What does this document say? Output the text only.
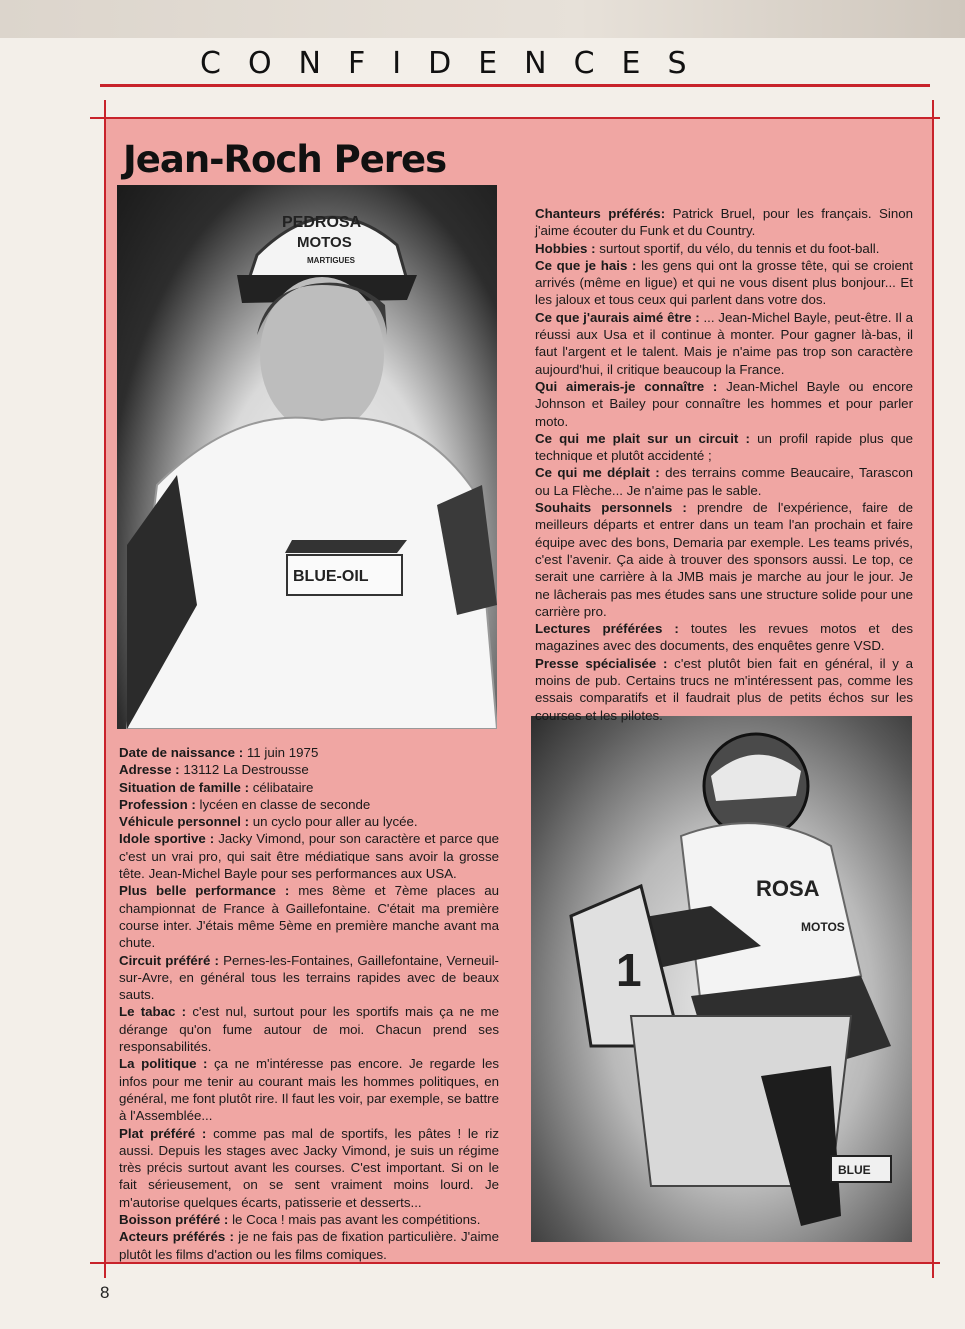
CONFIDENCES
Jean-Roch Peres
PEDROSA
MOTOS
MARTIGUES
BLUE-OIL
ROSA
MOTOS
1
BLUE

Chanteurs préférés: Patrick Bruel, pour les français. Sinon j'aime écouter du Funk et du Country.

Hobbies : surtout sportif, du vélo, du tennis et du foot-ball.

Ce que je hais : les gens qui ont la grosse tête, qui se croient arrivés (même en ligue) et qui ne vous disent plus bonjour... Et les jaloux et tous ceux qui parlent dans votre dos.

Ce que j'aurais aimé être : ... Jean-Michel Bayle, peut-être. Il a réussi aux Usa et il continue à monter. Pour gagner là-bas, il faut l'argent et le talent. Mais je n'aime pas trop son caractère aujourd'hui, il critique beaucoup la France.

Qui aimerais-je connaître : Jean-Michel Bayle ou encore Johnson et Bailey pour connaître les hommes et pour parler moto.

Ce qui me plait sur un circuit : un profil rapide plus que technique et plutôt accidenté ;

Ce qui me déplait : des terrains comme Beaucaire, Tarascon ou La Flèche... Je n'aime pas le sable.

Souhaits personnels : prendre de l'expérience, faire de meilleurs départs et entrer dans un team l'an prochain et faire équipe avec des bons, Demaria par exemple. Les teams privés, c'est l'avenir. Ça aide à trouver des sponsors aussi. Le top, ce serait une carrière à la JMB mais je marche au jour le jour. Je ne lâcherais pas mes études sans une structure solide pour une carrière pro.

Lectures préférées : toutes les revues motos et des magazines avec des documents, des enquêtes genre VSD.

Presse spécialisée : c'est plutôt bien fait en général, il y a moins de pub. Certains trucs ne m'intéressent pas, comme les essais comparatifs et il faudrait plus de petits échos sur les courses et les pilotes.

Date de naissance : 11 juin 1975

Adresse : 13112 La Destrousse

Situation de famille : célibataire

Profession : lycéen en classe de seconde

Véhicule personnel : un cyclo pour aller au lycée.

Idole sportive : Jacky Vimond, pour son caractère et parce que c'est un vrai pro, qui sait être médiatique sans avoir la grosse tête. Jean-Michel Bayle pour ses performances aux USA.

Plus belle performance : mes 8ème et 7ème places au championnat de France à Gaillefontaine. C'était ma première course inter. J'étais même 5ème en première manche avant ma chute.

Circuit préféré : Pernes-les-Fontaines, Gaillefontaine, Verneuil-sur-Avre, en général tous les terrains rapides avec de beaux sauts.

Le tabac : c'est nul, surtout pour les sportifs mais ça ne me dérange qu'on fume autour de moi. Chacun prend ses responsabilités.

La politique : ça ne m'intéresse pas encore. Je regarde les infos pour me tenir au courant mais les hommes politiques, en général, me font plutôt rire. Il faut les voir, par exemple, se battre à l'Assemblée...

Plat préféré : comme pas mal de sportifs, les pâtes ! le riz aussi. Depuis les stages avec Jacky Vimond, je suis un régime très précis surtout avant les courses. C'est important. Si on le fait sérieusement, on se sent vraiment moins lourd. Je m'autorise quelques écarts, patisserie et desserts...

Boisson préféré : le Coca ! mais pas avant les compétitions.

Acteurs préférés : je ne fais pas de fixation particulière. J'aime plutôt les films d'action ou les films comiques.

8
